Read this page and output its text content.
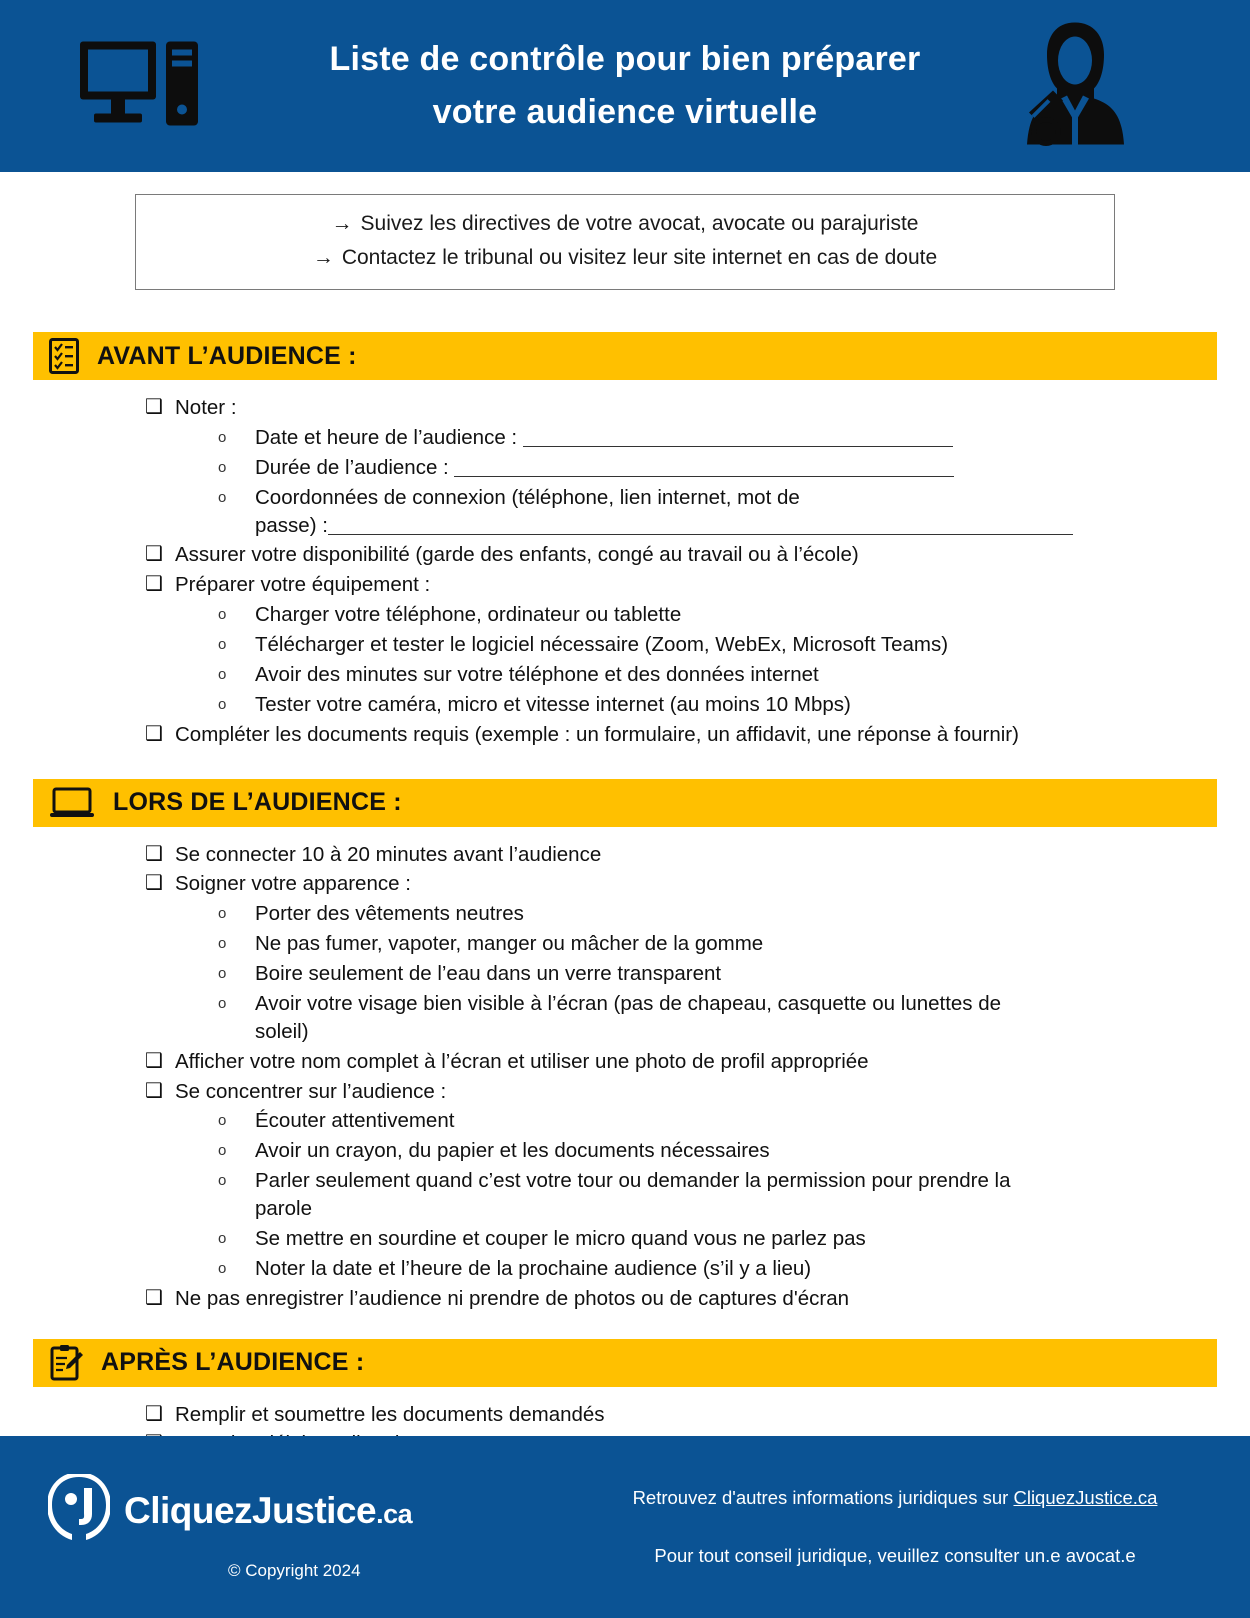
Liste de contrôle pour bien préparer
votre audience virtuelle
→ Suivez les directives de votre avocat, avocate ou parajuriste
→ Contactez le tribunal ou visitez leur site internet en cas de doute
AVANT L’AUDIENCE :
❑ Noter :
o	Date et heure de l’audience :
o	Durée de l’audience :
o	Coordonnées de connexion (téléphone, lien internet, mot de

passe) :
❑ Assurer votre disponibilité (garde des enfants, congé au travail ou à l’école)
❑ Préparer votre équipement :
o	Charger votre téléphone, ordinateur ou tablette
o	Télécharger et tester le logiciel nécessaire (Zoom, WebEx, Microsoft Teams)
o	Avoir des minutes sur votre téléphone et des données internet
o	Tester votre caméra, micro et vitesse internet (au moins 10 Mbps)
❑ Compléter les documents requis (exemple : un formulaire, un affidavit, une réponse à fournir)
LORS DE L’AUDIENCE :
❑ Se connecter 10 à 20 minutes avant l’audience
❑ Soigner votre apparence :
o	Porter des vêtements neutres
o	Ne pas fumer, vapoter, manger ou mâcher de la gomme
o	Boire seulement de l’eau dans un verre transparent
o	Avoir votre visage bien visible à l’écran (pas de chapeau, casquette ou lunettes de

soleil)
❑ Afficher votre nom complet à l’écran et utiliser une photo de profil appropriée
❑ Se concentrer sur l’audience :
o	Écouter attentivement
o	Avoir un crayon, du papier et les documents nécessaires
o	Parler seulement quand c’est votre tour ou demander la permission pour prendre la

parole
o	Se mettre en sourdine et couper le micro quand vous ne parlez pas
o	Noter la date et l’heure de la prochaine audience (s’il y a lieu)
❑ Ne pas enregistrer l’audience ni prendre de photos ou de captures d'écran
APRÈS L’AUDIENCE :
❑ Remplir et soumettre les documents demandés
CliquezJustice.ca
© Copyright 2024
Retrouvez d'autres informations juridiques sur CliquezJustice.ca
Pour tout conseil juridique, veuillez consulter un.e avocat.e
